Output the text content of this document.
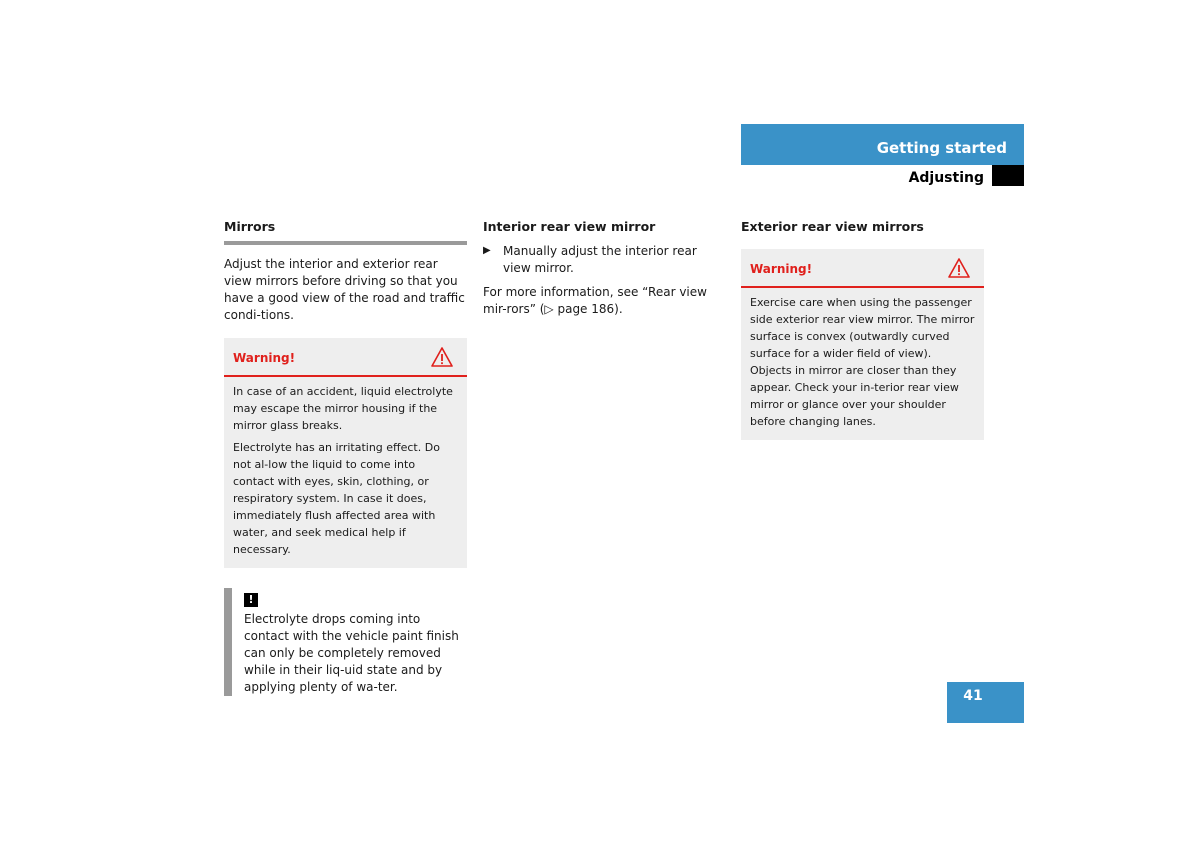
Getting started
Adjusting
Mirrors

Adjust the interior and exterior rear view mirrors before driving so that you have a good view of the road and traffic condi-tions.

Warning!

In case of an accident, liquid electrolyte may escape the mirror housing if the mirror glass breaks.

Electrolyte has an irritating effect. Do not al-low the liquid to come into contact with eyes, skin, clothing, or respiratory system. In case it does, immediately flush affected area with water, and seek medical help if necessary.

!

Electrolyte drops coming into contact with the vehicle paint finish can only be completely removed while in their liq-uid state and by applying plenty of wa-ter.

Interior rear view mirror
▶ Manually adjust the interior rear view mirror.

For more information, see “Rear view mir-rors” (▷ page 186).

Exterior rear view mirrors
Warning!

Exercise care when using the passenger side exterior rear view mirror. The mirror surface is convex (outwardly curved surface for a wider field of view). Objects in mirror are closer than they appear. Check your in-terior rear view mirror or glance over your shoulder before changing lanes.

41
